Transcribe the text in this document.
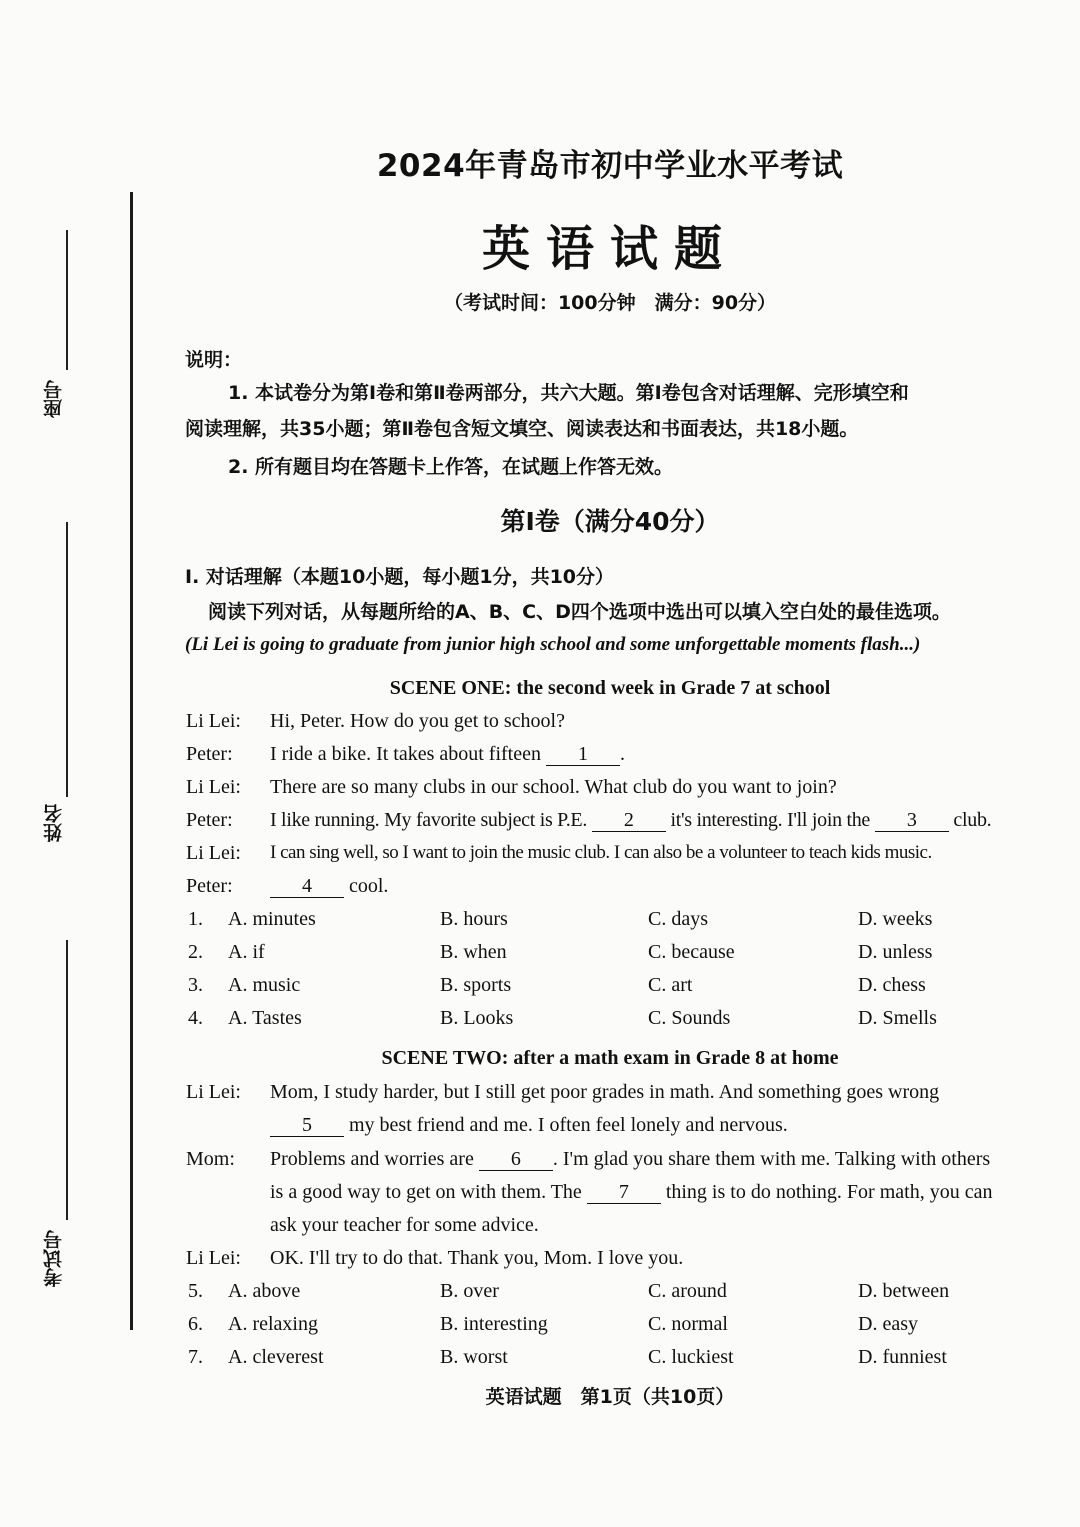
座号
姓名
考试号
2024年青岛市初中学业水平考试
英语试题
（考试时间：100分钟　满分：90分）
说明：
1. 本试卷分为第Ⅰ卷和第Ⅱ卷两部分，共六大题。第Ⅰ卷包含对话理解、完形填空和
阅读理解，共35小题；第Ⅱ卷包含短文填空、阅读表达和书面表达，共18小题。
2. 所有题目均在答题卡上作答，在试题上作答无效。
第Ⅰ卷（满分40分）
Ⅰ. 对话理解（本题10小题，每小题1分，共10分）
阅读下列对话，从每题所给的A、B、C、D四个选项中选出可以填入空白处的最佳选项。
(Li Lei is going to graduate from junior high school and some unforgettable moments flash...)
SCENE ONE: the second week in Grade 7 at school
Li Lei: Hi, Peter. How do you get to school?
Peter: I ride a bike. It takes about fifteen 1 .
Li Lei: There are so many clubs in our school. What club do you want to join?
Peter: I like running. My favorite subject is P.E. 2 it's interesting. I'll join the 3 club.
Li Lei: I can sing well, so I want to join the music club. I can also be a volunteer to teach kids music.
Peter:	4 cool.
1. A. minutes	B. hours	C. days	D. weeks
2. A. if	B. when	C. because	D. unless
3. A. music	B. sports	C. art	D. chess
4. A. Tastes	B. Looks	C. Sounds	D. Smells
SCENE TWO: after a math exam in Grade 8 at home
Li Lei: Mom, I study harder, but I still get poor grades in math. And something goes wrong
5 my best friend and me. I often feel lonely and nervous.
Mom: Problems and worries are 6 . I'm glad you share them with me. Talking with others
is a good way to get on with them. The 7 thing is to do nothing. For math, you can
ask your teacher for some advice.
Li Lei: OK. I'll try to do that. Thank you, Mom. I love you.
5. A. above	B. over	C. around	D. between
6. A. relaxing	B. interesting	C. normal	D. easy
7. A. cleverest	B. worst	C. luckiest	D. funniest
英语试题　第1页（共10页）
